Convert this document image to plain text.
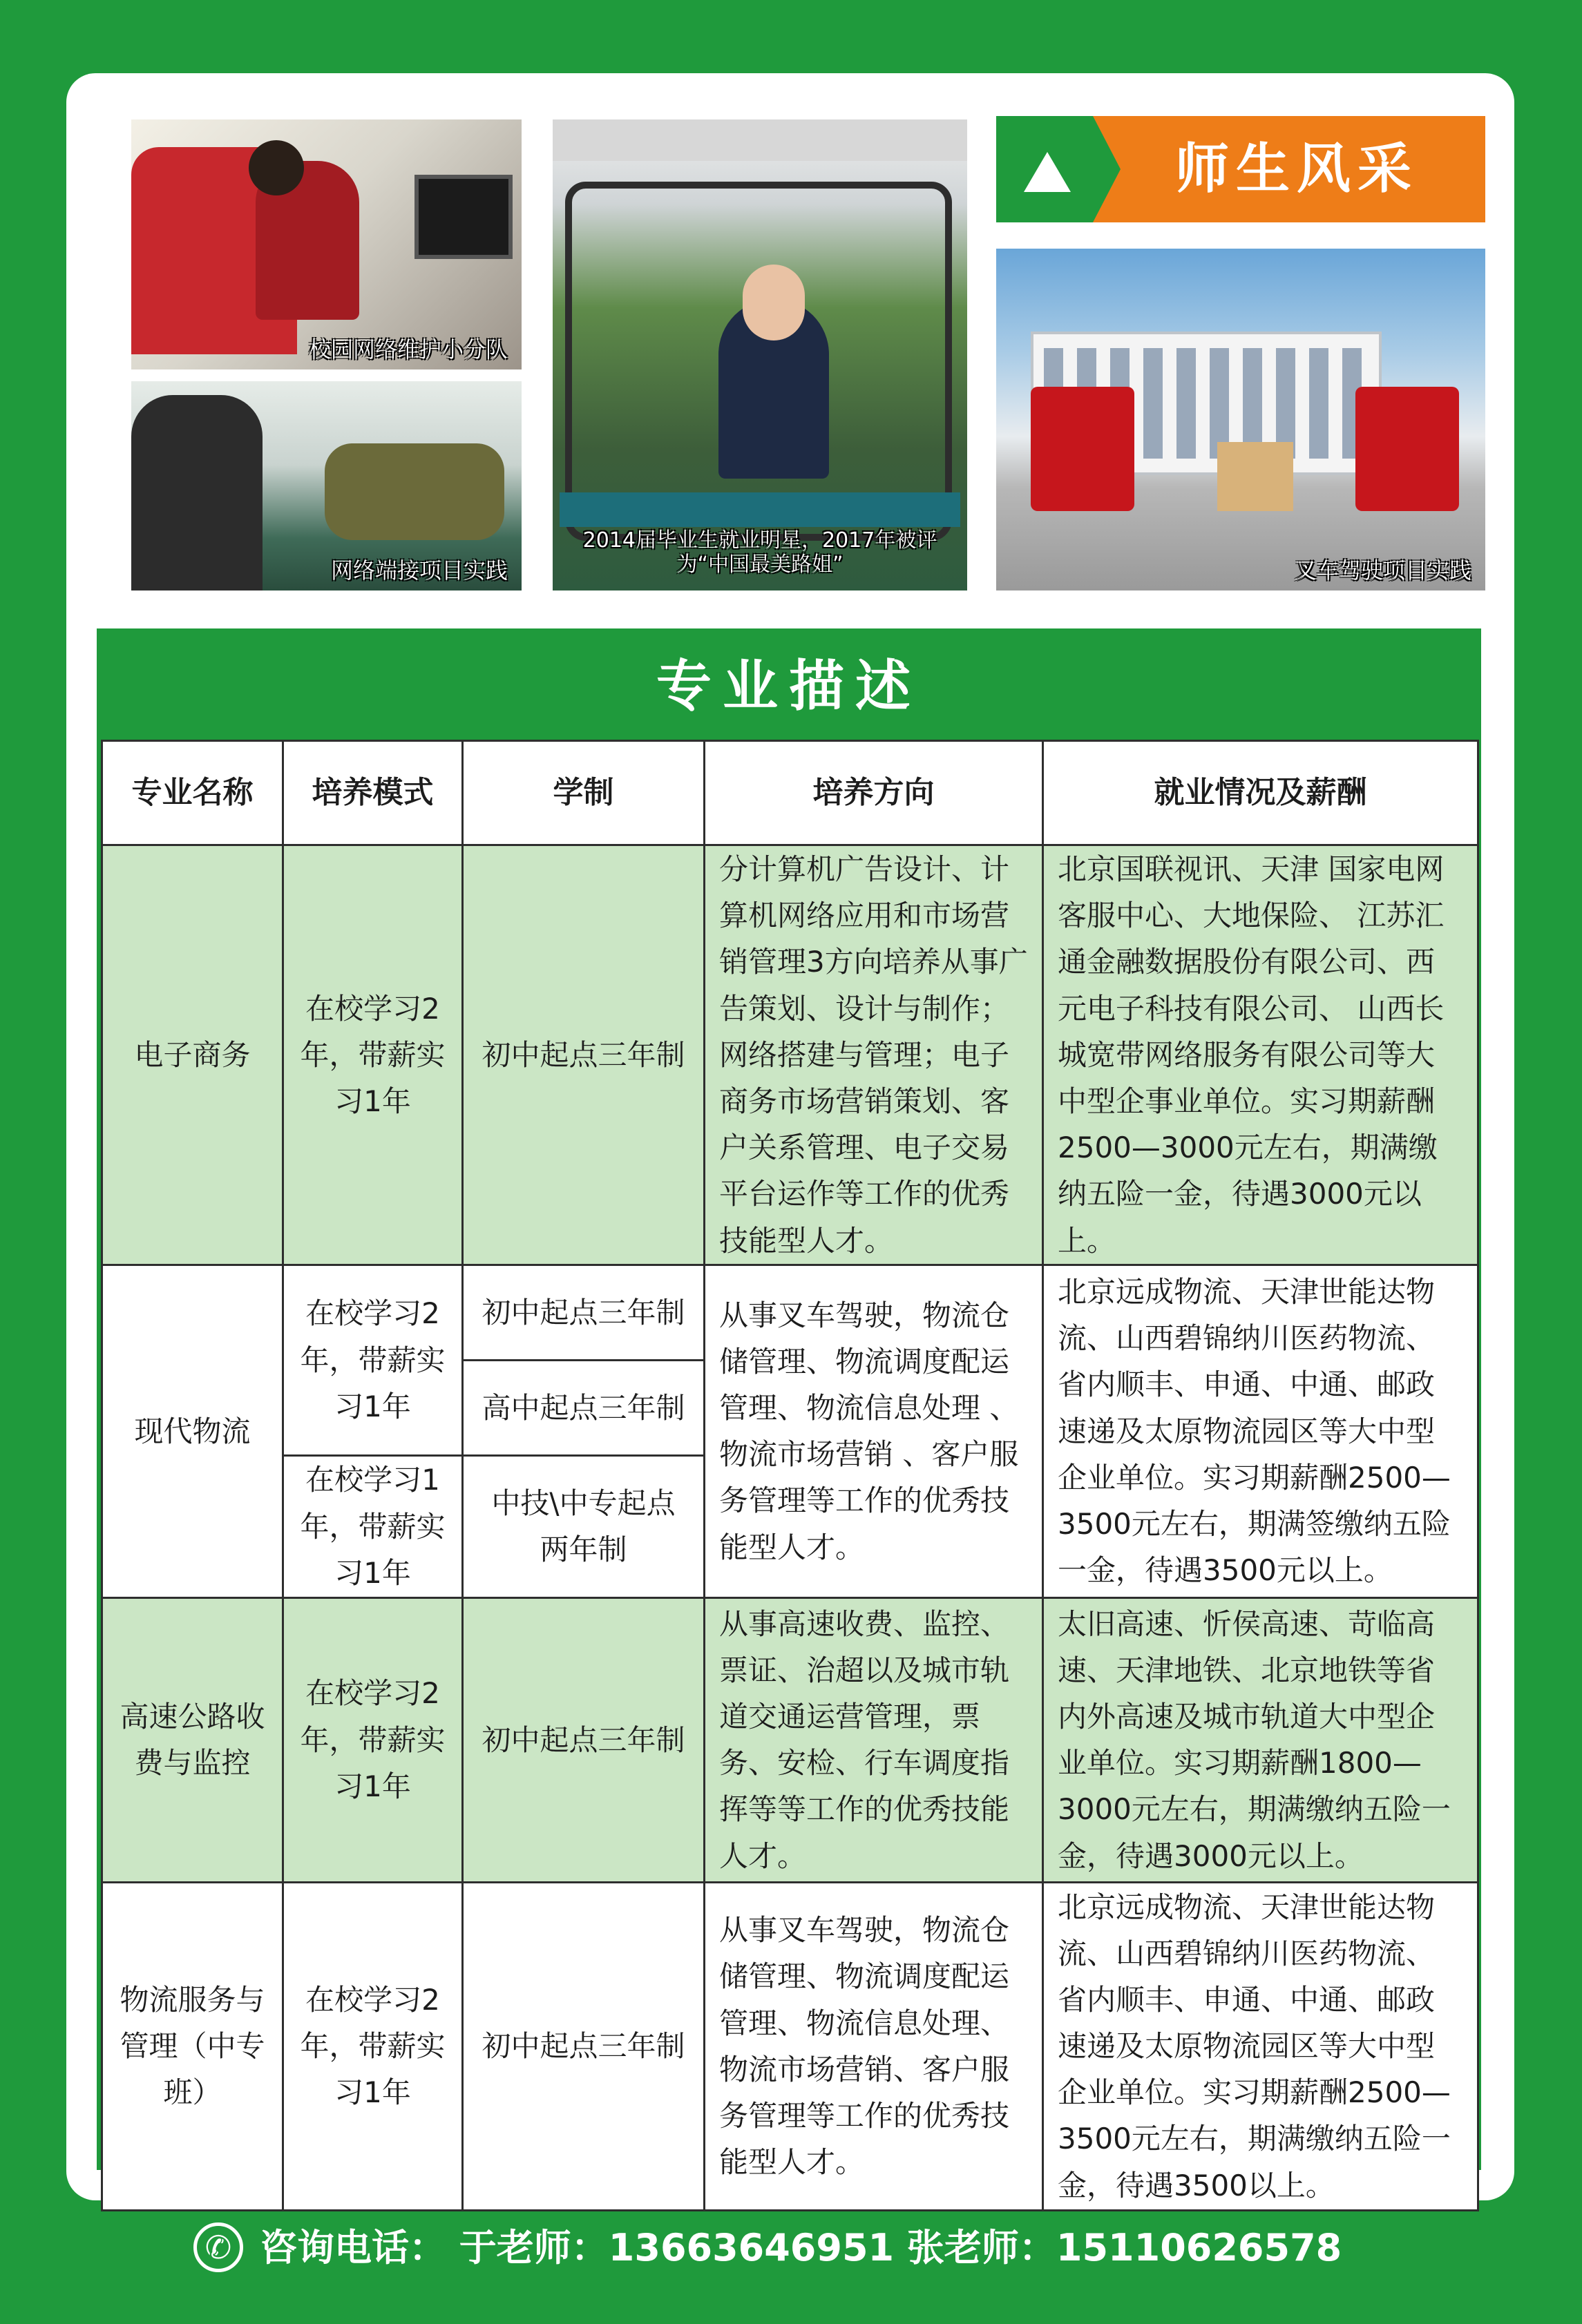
校园网络维护小分队
网络端接项目实践
2014届毕业生就业明星，2017年被评为“中国最美路姐”
师生风采
叉车驾驶项目实践
专业描述
专业名称	培养模式	学制	培养方向	就业情况及薪酬
电子商务	在校学习2年，带薪实习1年	初中起点三年制	分计算机广告设计、计算机网络应用和市场营销管理3方向培养从事广告策划、设计与制作；网络搭建与管理；电子商务市场营销策划、客户关系管理、电子交易平台运作等工作的优秀技能型人才。	北京国联视讯、天津 国家电网客服中心、大地保险、 江苏汇通金融数据股份有限公司、西元电子科技有限公司、 山西长城宽带网络服务有限公司等大中型企事业单位。实习期薪酬 2500—3000元左右，期满缴纳五险一金，待遇3000元以上。
现代物流	在校学习2年，带薪实习1年	初中起点三年制	从事叉车驾驶，物流仓储管理、物流调度配运管理、物流信息处理 、物流市场营销 、客户服务管理等工作的优秀技能型人才。	北京远成物流、天津世能达物流、山西碧锦纳川医药物流、省内顺丰、申通、中通、邮政速递及太原物流园区等大中型企业单位。实习期薪酬2500—3500元左右，期满签缴纳五险一金，待遇3500元以上。
		高中起点三年制		
	在校学习1年，带薪实习1年	中技\中专起点两年制		
高速公路收费与监控	在校学习2年，带薪实习1年	初中起点三年制	从事高速收费、监控、票证、治超以及城市轨道交通运营管理，票务、安检、行车调度指挥等等工作的优秀技能人才。	太旧高速、忻侯高速、苛临高速、天津地铁、北京地铁等省内外高速及城市轨道大中型企业单位。实习期薪酬1800—3000元左右，期满缴纳五险一金，待遇3000元以上。
物流服务与管理（中专班）	在校学习2年，带薪实习1年	初中起点三年制	从事叉车驾驶，物流仓储管理、物流调度配运管理、物流信息处理、物流市场营销、客户服务管理等工作的优秀技能型人才。	北京远成物流、天津世能达物流、山西碧锦纳川医药物流、省内顺丰、申通、中通、邮政速递及太原物流园区等大中型企业单位。实习期薪酬2500—3500元左右，期满缴纳五险一金，待遇3500以上。
✆ 咨询电话： 于老师：13663646951 张老师：15110626578
